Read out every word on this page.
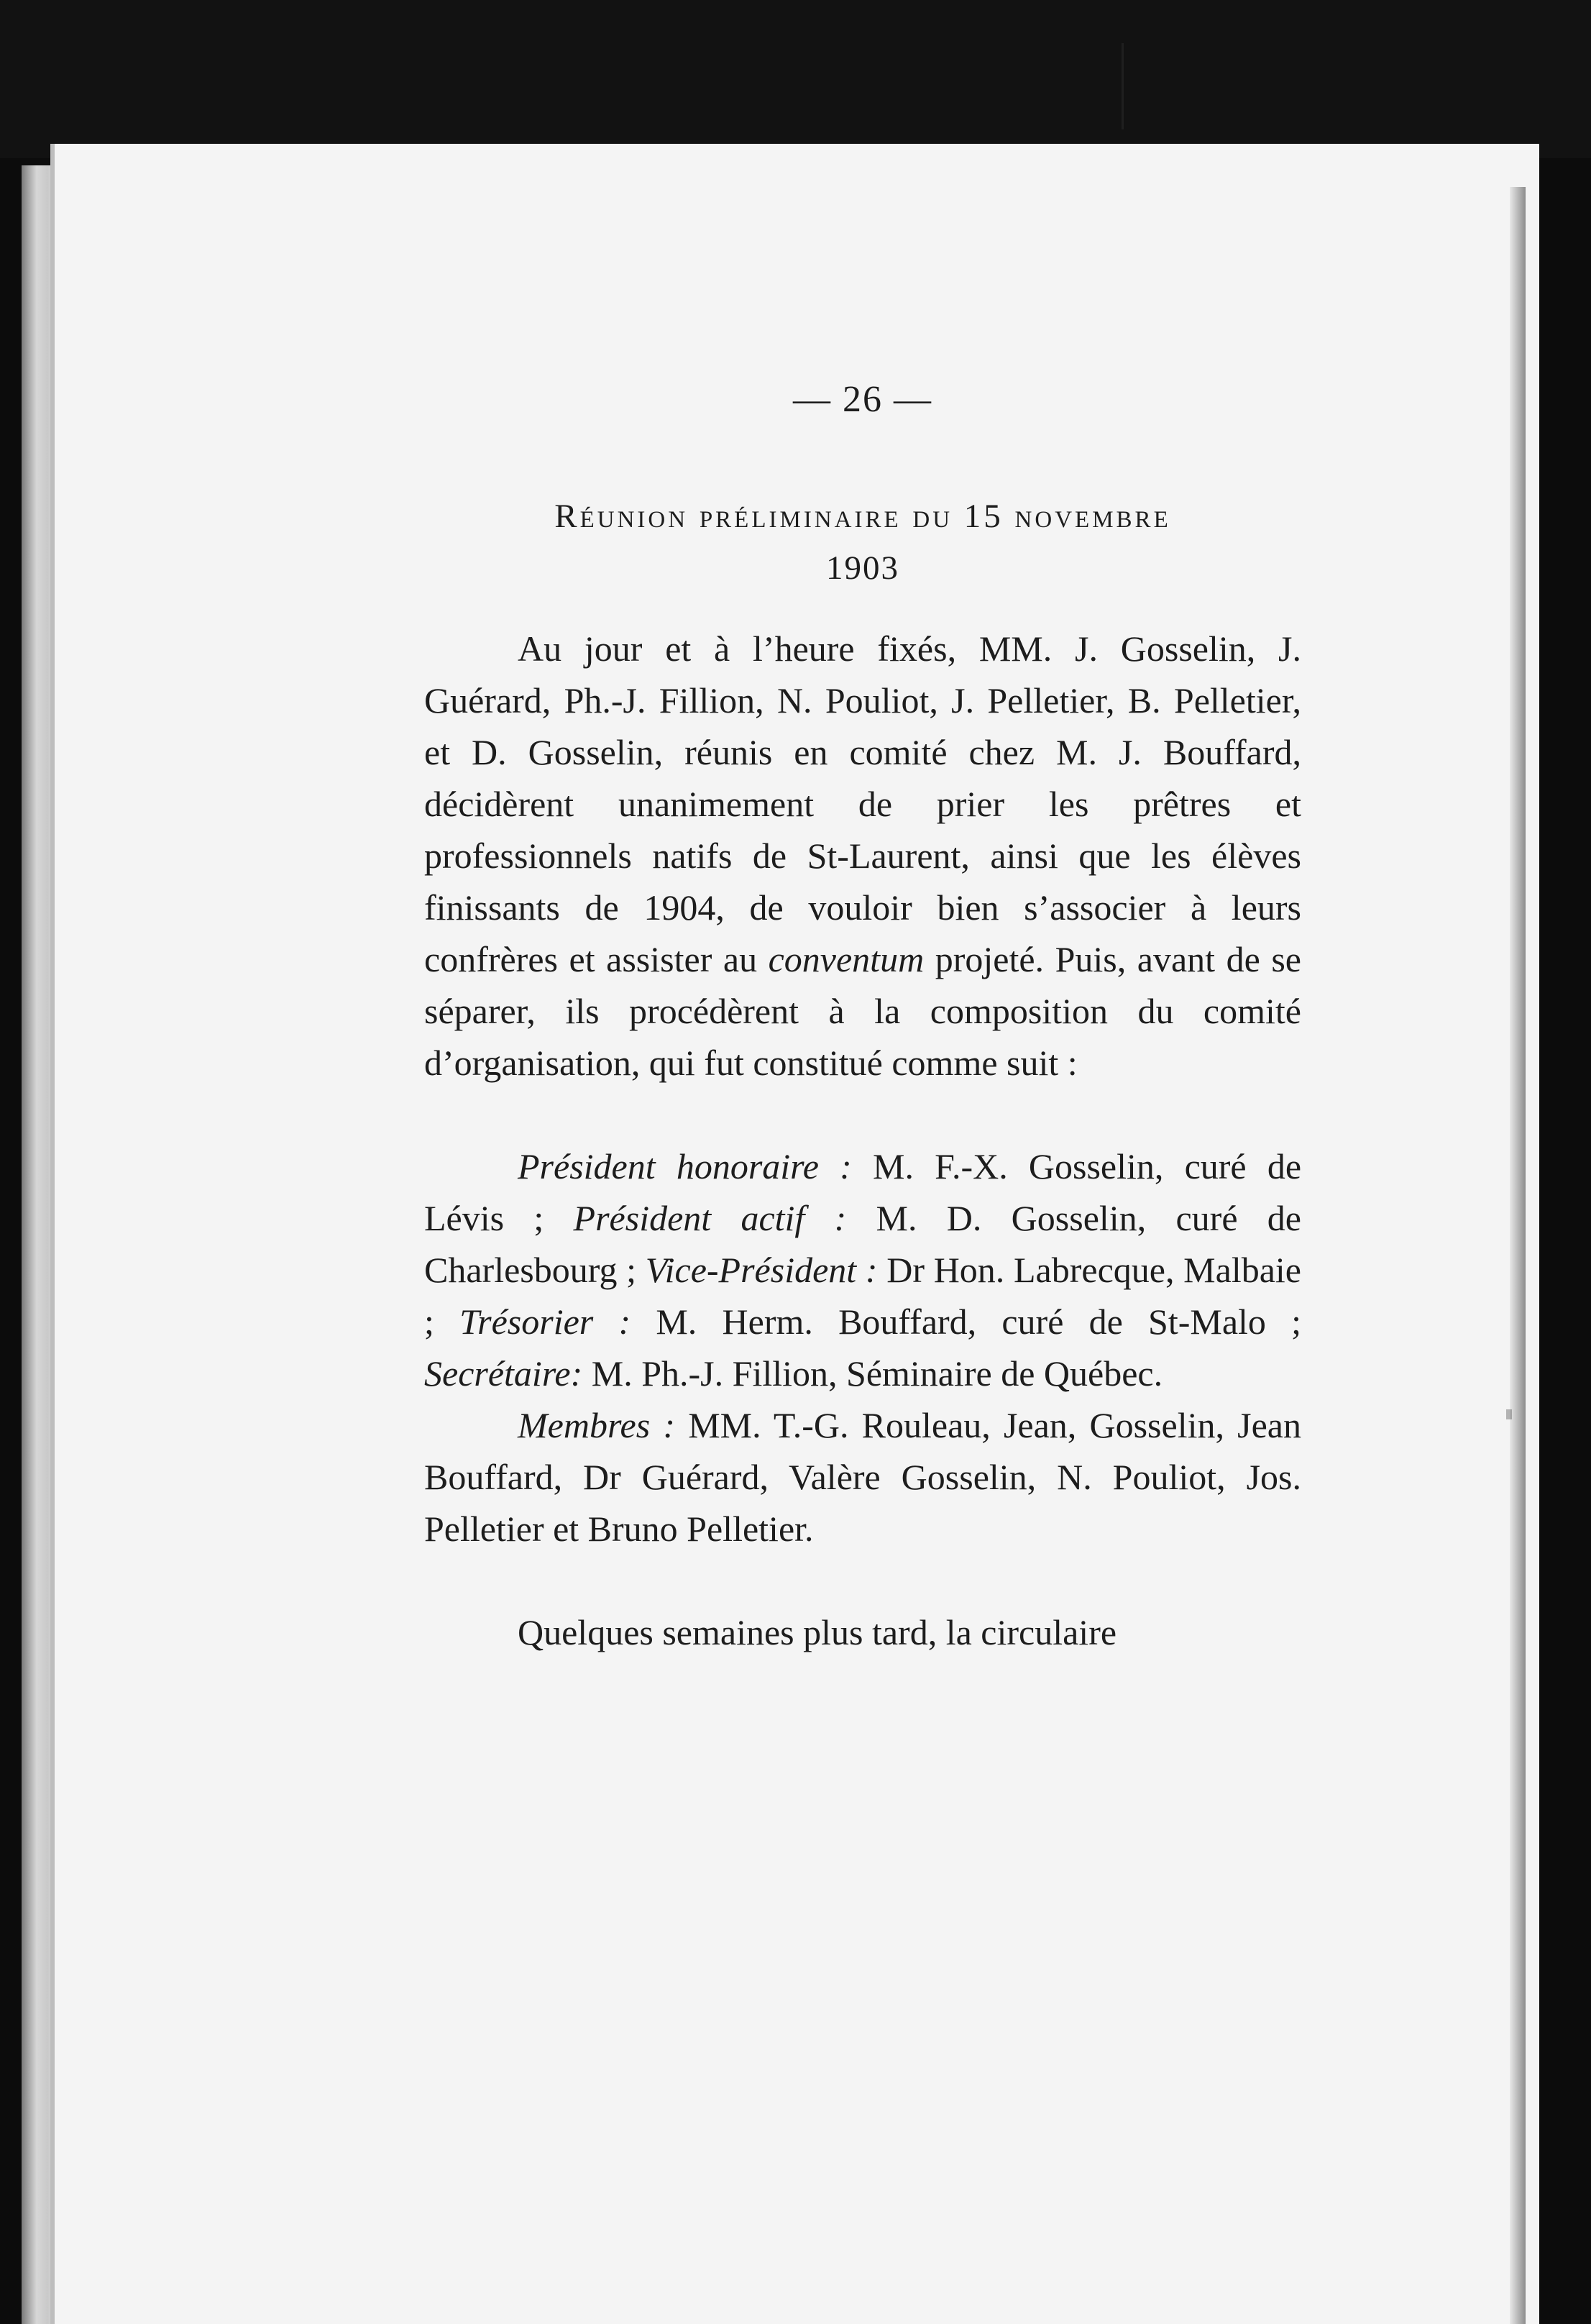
— 26 —
Réunion préliminaire du 15 novembre
1903

Au jour et à l’heure fixés, MM. J. Gosselin, J. Guérard, Ph.-J. Fillion, N. Pouliot, J. Pelletier, B. Pelletier, et D. Gosselin, réunis en comité chez M. J. Bouffard, décidèrent unanimement de prier les prêtres et professionnels natifs de St-Laurent, ainsi que les élèves finissants de 1904, de vouloir bien s’associer à leurs confrères et assister au conventum projeté. Puis, avant de se séparer, ils procédèrent à la composition du comité d’organisation, qui fut constitué comme suit :

Président honoraire : M. F.-X. Gosselin, curé de Lévis ; Président actif : M. D. Gosselin, curé de Charlesbourg ; Vice-Président : Dr Hon. Labrecque, Malbaie ; Trésorier : M. Herm. Bouffard, curé de St-Malo ; Secrétaire: M. Ph.-J. Fillion, Séminaire de Québec.

Membres : MM. T.-G. Rouleau, Jean, Gosselin, Jean Bouffard, Dr Guérard, Valère Gosselin, N. Pouliot, Jos. Pelletier et Bruno Pelletier.

Quelques semaines plus tard, la circulaire
